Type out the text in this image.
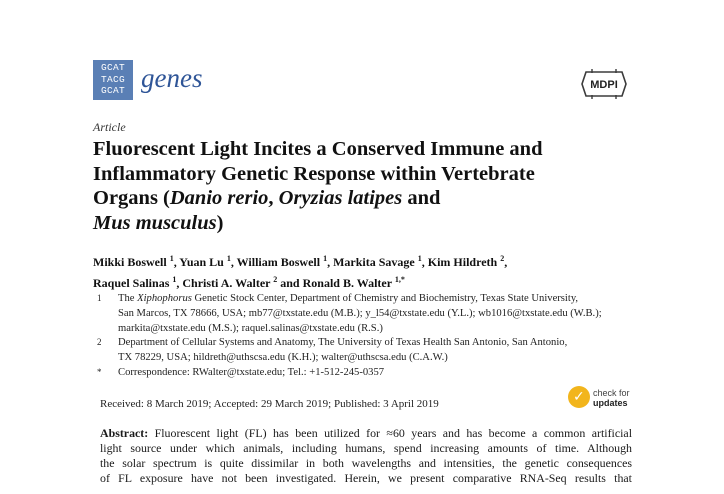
GCAT
TACG
GCAT genes	MDPI
Article
Fluorescent Light Incites a Conserved Immune and
Inflammatory Genetic Response within Vertebrate
Organs (Danio rerio, Oryzias latipes and
Mus musculus)
Mikki Boswell $^1$, Yuan Lu $^1$, William Boswell $^1$, Markita Savage $^1$, Kim Hildreth $^2$,
Raquel Salinas $^1$, Christi A. Walter $^2$ and Ronald B. Walter $^{1,*}$
1 The Xiphophorus Genetic Stock Center, Department of Chemistry and Biochemistry, Texas State University,
San Marcos, TX 78666, USA; mb77@txstate.edu (M.B.); y_l54@txstate.edu (Y.L.); wb1016@txstate.edu (W.B.);
markita@txstate.edu (M.S.); raquel.salinas@txstate.edu (R.S.)
2 Department of Cellular Systems and Anatomy, The University of Texas Health San Antonio, San Antonio,
TX 78229, USA; hildreth@uthscsa.edu (K.H.); walter@uthscsa.edu (C.A.W.)
* Correspondence: RWalter@txstate.edu; Tel.: +1-512-245-0357
Received: 8 March 2019; Accepted: 29 March 2019; Published: 3 April 2019	✓ check for
updates
Abstract: Fluorescent light (FL) has been utilized for ≈60 years and has become a common artificial
light source under which animals, including humans, spend increasing amounts of time. Although
the solar spectrum is quite dissimilar in both wavelengths and intensities, the genetic consequences
of FL exposure have not been investigated. Herein, we present comparative RNA-Seq results that
